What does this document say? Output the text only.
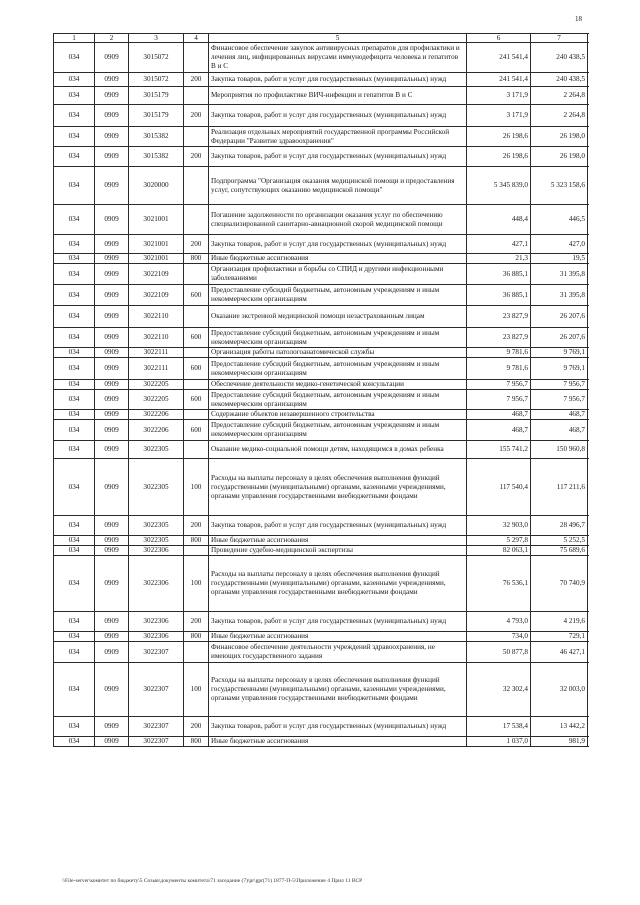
18
1	2	3	4	5	6	7
034	0909	3015072		Финансовое обеспечение закупок антивирусных препаратов для профилактики и лечения лиц, инфицированных вирусами иммунодефицита человека и гепатитов В и С	241 541,4	240 438,5
034	0909	3015072	200	Закупка товаров, работ и услуг для государственных (муниципальных) нужд	241 541,4	240 438,5
034	0909	3015179		Мероприятия по профилактике ВИЧ-инфекции и гепатитов В и С	3 171,9	2 264,8
034	0909	3015179	200	Закупка товаров, работ и услуг для государственных (муниципальных) нужд	3 171,9	2 264,8
034	0909	3015382		Реализация отдельных мероприятий государственной программы Российской Федерации "Развитие здравоохранения"	26 198,6	26 198,0
034	0909	3015382	200	Закупка товаров, работ и услуг для государственных (муниципальных) нужд	26 198,6	26 198,0
034	0909	3020000		Подпрограмма "Организация оказания медицинской помощи и предоставления услуг, сопутствующих оказанию медицинской помощи"	5 345 839,0	5 323 158,6
034	0909	3021001		Погашение задолженности по организации оказания услуг по обеспечению специализированной санитарно-авиационной скорой медицинской помощи	448,4	446,5
034	0909	3021001	200	Закупка товаров, работ и услуг для государственных (муниципальных) нужд	427,1	427,0
034	0909	3021001	800	Иные бюджетные ассигнования	21,3	19,5
034	0909	3022109		Организация профилактики и борьбы со СПИД и другими инфекционными заболеваниями	36 885,1	31 395,8
034	0909	3022109	600	Предоставление субсидий бюджетным, автономным учреждениям и иным некоммерческим организациям	36 885,1	31 395,8
034	0909	3022110		Оказание экстренной медицинской помощи незастрахованным лицам	23 827,9	26 207,6
034	0909	3022110	600	Предоставление субсидий бюджетным, автономным учреждениям и иным некоммерческим организациям	23 827,9	26 207,6
034	0909	3022111		Организация работы патологоанатомической службы	9 781,6	9 769,1
034	0909	3022111	600	Предоставление субсидий бюджетным, автономным учреждениям и иным некоммерческим организациям	9 781,6	9 769,1
034	0909	3022205		Обеспечение деятельности медико-генетической консультации	7 956,7	7 956,7
034	0909	3022205	600	Предоставление субсидий бюджетным, автономным учреждениям и иным некоммерческим организациям	7 956,7	7 956,7
034	0909	3022206		Содержание объектов незавершенного строительства	468,7	468,7
034	0909	3022206	600	Предоставление субсидий бюджетным, автономным учреждениям и иным некоммерческим организациям	468,7	468,7
034	0909	3022305		Оказание медико-социальной помощи детям, находящимся в домах ребенка	155 741,2	150 960,8
034	0909	3022305	100	Расходы на выплаты персоналу в целях обеспечения выполнения функций государственными (муниципальными) органами, казенными учреждениями, органами управления государственными внебюджетными фондами	117 540,4	117 211,6
034	0909	3022305	200	Закупка товаров, работ и услуг для государственных (муниципальных) нужд	32 903,0	28 496,7
034	0909	3022305	800	Иные бюджетные ассигнования	5 297,8	5 252,5
034	0909	3022306		Проведение судебно-медицинской экспертизы	82 063,1	75 689,6
034	0909	3022306	100	Расходы на выплаты персоналу в целях обеспечения выполнения функций государственными (муниципальными) органами, казенными учреждениями, органами управления государственными внебюджетными фондами	76 536,1	70 740,9
034	0909	3022306	200	Закупка товаров, работ и услуг для государственных (муниципальных) нужд	4 793,0	4 219,6
034	0909	3022306	800	Иные бюджетные ассигнования	734,0	729,1
034	0909	3022307		Финансовое обеспечение деятельности учреждений здравоохранения, не имеющих государственного задания	50 877,8	46 427,1
034	0909	3022307	100	Расходы на выплаты персоналу в целях обеспечения выполнения функций государственными (муниципальными) органами, казенными учреждениями, органами управления государственными внебюджетными фондами	32 302,4	32 003,0
034	0909	3022307	200	Закупка товаров, работ и услуг для государственных (муниципальных) нужд	17 538,4	13 442,2
034	0909	3022307	800	Иные бюджетные ассигнования	1 037,0	981,9
\\File-server\комитет по бюджету\5 Созыв\документы комитета\71 заседание (7)\pr\gpr(71) 1877-П-5\Приложение 4 Прил 11 ВСР
